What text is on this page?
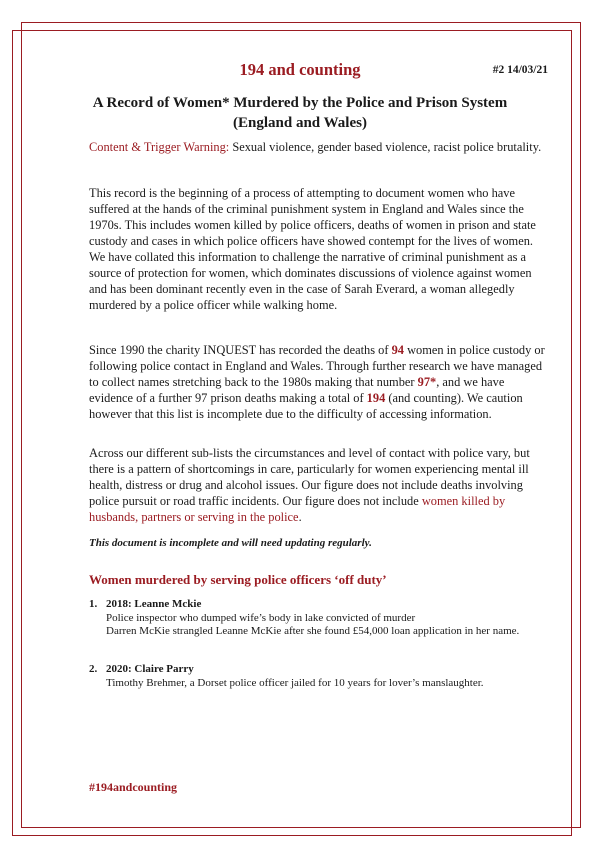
194 and counting	#2 14/03/21
A Record of Women* Murdered by the Police and Prison System
(England and Wales)

Content & Trigger Warning: Sexual violence, gender based violence, racist police brutality.

This record is the beginning of a process of attempting to document women who have suffered at the hands of the criminal punishment system in England and Wales since the 1970s. This includes women killed by police officers, deaths of women in prison and state custody and cases in which police officers have showed contempt for the lives of women. We have collated this information to challenge the narrative of criminal punishment as a source of protection for women, which dominates discussions of violence against women and has been dominant recently even in the case of Sarah Everard, a woman allegedly murdered by a police officer while walking home.

Since 1990 the charity INQUEST has recorded the deaths of 94 women in police custody or following police contact in England and Wales. Through further research we have managed to collect names stretching back to the 1980s making that number 97*, and we have evidence of a further 97 prison deaths making a total of 194 (and counting). We caution however that this list is incomplete due to the difficulty of accessing information.

Across our different sub-lists the circumstances and level of contact with police vary, but there is a pattern of shortcomings in care, particularly for women experiencing mental ill health, distress or drug and alcohol issues. Our figure does not include deaths involving police pursuit or road traffic incidents. Our figure does not include women killed by husbands, partners or serving in the police.

This document is incomplete and will need updating regularly.
Women murdered by serving police officers ‘off duty’
1. 2018: Leanne Mckie
Police inspector who dumped wife’s body in lake convicted of murder
Darren McKie strangled Leanne McKie after she found £54,000 loan application in her name.
2. 2020: Claire Parry
Timothy Brehmer, a Dorset police officer jailed for 10 years for lover’s manslaughter.
#194andcounting
